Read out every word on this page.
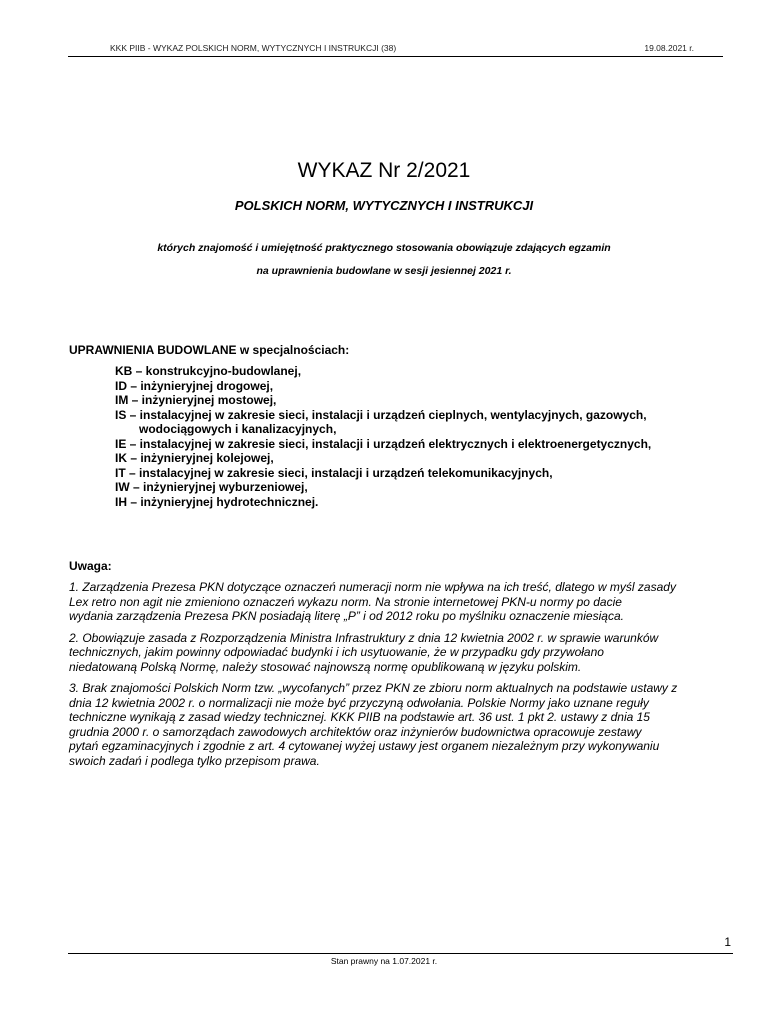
KKK PIIB - WYKAZ POLSKICH NORM, WYTYCZNYCH I INSTRUKCJI (38)	19.08.2021 r.
WYKAZ Nr 2/2021
POLSKICH NORM, WYTYCZNYCH I INSTRUKCJI
których znajomość i umiejętność praktycznego stosowania obowiązuje zdających egzamin
na uprawnienia budowlane w sesji jesiennej 2021 r.
UPRAWNIENIA BUDOWLANE w specjalnościach:
KB – konstrukcyjno-budowlanej,
ID – inżynieryjnej drogowej,
IM – inżynieryjnej mostowej,
IS – instalacyjnej w zakresie sieci, instalacji i urządzeń cieplnych, wentylacyjnych, gazowych,
wodociągowych i kanalizacyjnych,
IE – instalacyjnej w zakresie sieci, instalacji i urządzeń elektrycznych i elektroenergetycznych,
IK – inżynieryjnej kolejowej,
IT – instalacyjnej w zakresie sieci, instalacji i urządzeń telekomunikacyjnych,
IW – inżynieryjnej wyburzeniowej,
IH – inżynieryjnej hydrotechnicznej.
Uwaga:
1. Zarządzenia Prezesa PKN dotyczące oznaczeń numeracji norm nie wpływa na ich treść, dlatego w myśl zasady
Lex retro non agit nie zmieniono oznaczeń wykazu norm. Na stronie internetowej PKN-u normy po dacie
wydania zarządzenia Prezesa PKN posiadają literę „P” i od 2012 roku po myślniku oznaczenie miesiąca.
2. Obowiązuje zasada z Rozporządzenia Ministra Infrastruktury z dnia 12 kwietnia 2002 r. w sprawie warunków
technicznych, jakim powinny odpowiadać budynki i ich usytuowanie, że w przypadku gdy przywołano
niedatowaną Polską Normę, należy stosować najnowszą normę opublikowaną w języku polskim.
3. Brak znajomości Polskich Norm tzw. „wycofanych” przez PKN ze zbioru norm aktualnych na podstawie ustawy z
dnia 12 kwietnia 2002 r. o normalizacji nie może być przyczyną odwołania. Polskie Normy jako uznane reguły
techniczne wynikają z zasad wiedzy technicznej. KKK PIIB na podstawie art. 36 ust. 1 pkt 2. ustawy z dnia 15
grudnia 2000 r. o samorządach zawodowych architektów oraz inżynierów budownictwa opracowuje zestawy
pytań egzaminacyjnych i zgodnie z art. 4 cytowanej wyżej ustawy jest organem niezależnym przy wykonywaniu
swoich zadań i podlega tylko przepisom prawa.
1
Stan prawny na 1.07.2021 r.
